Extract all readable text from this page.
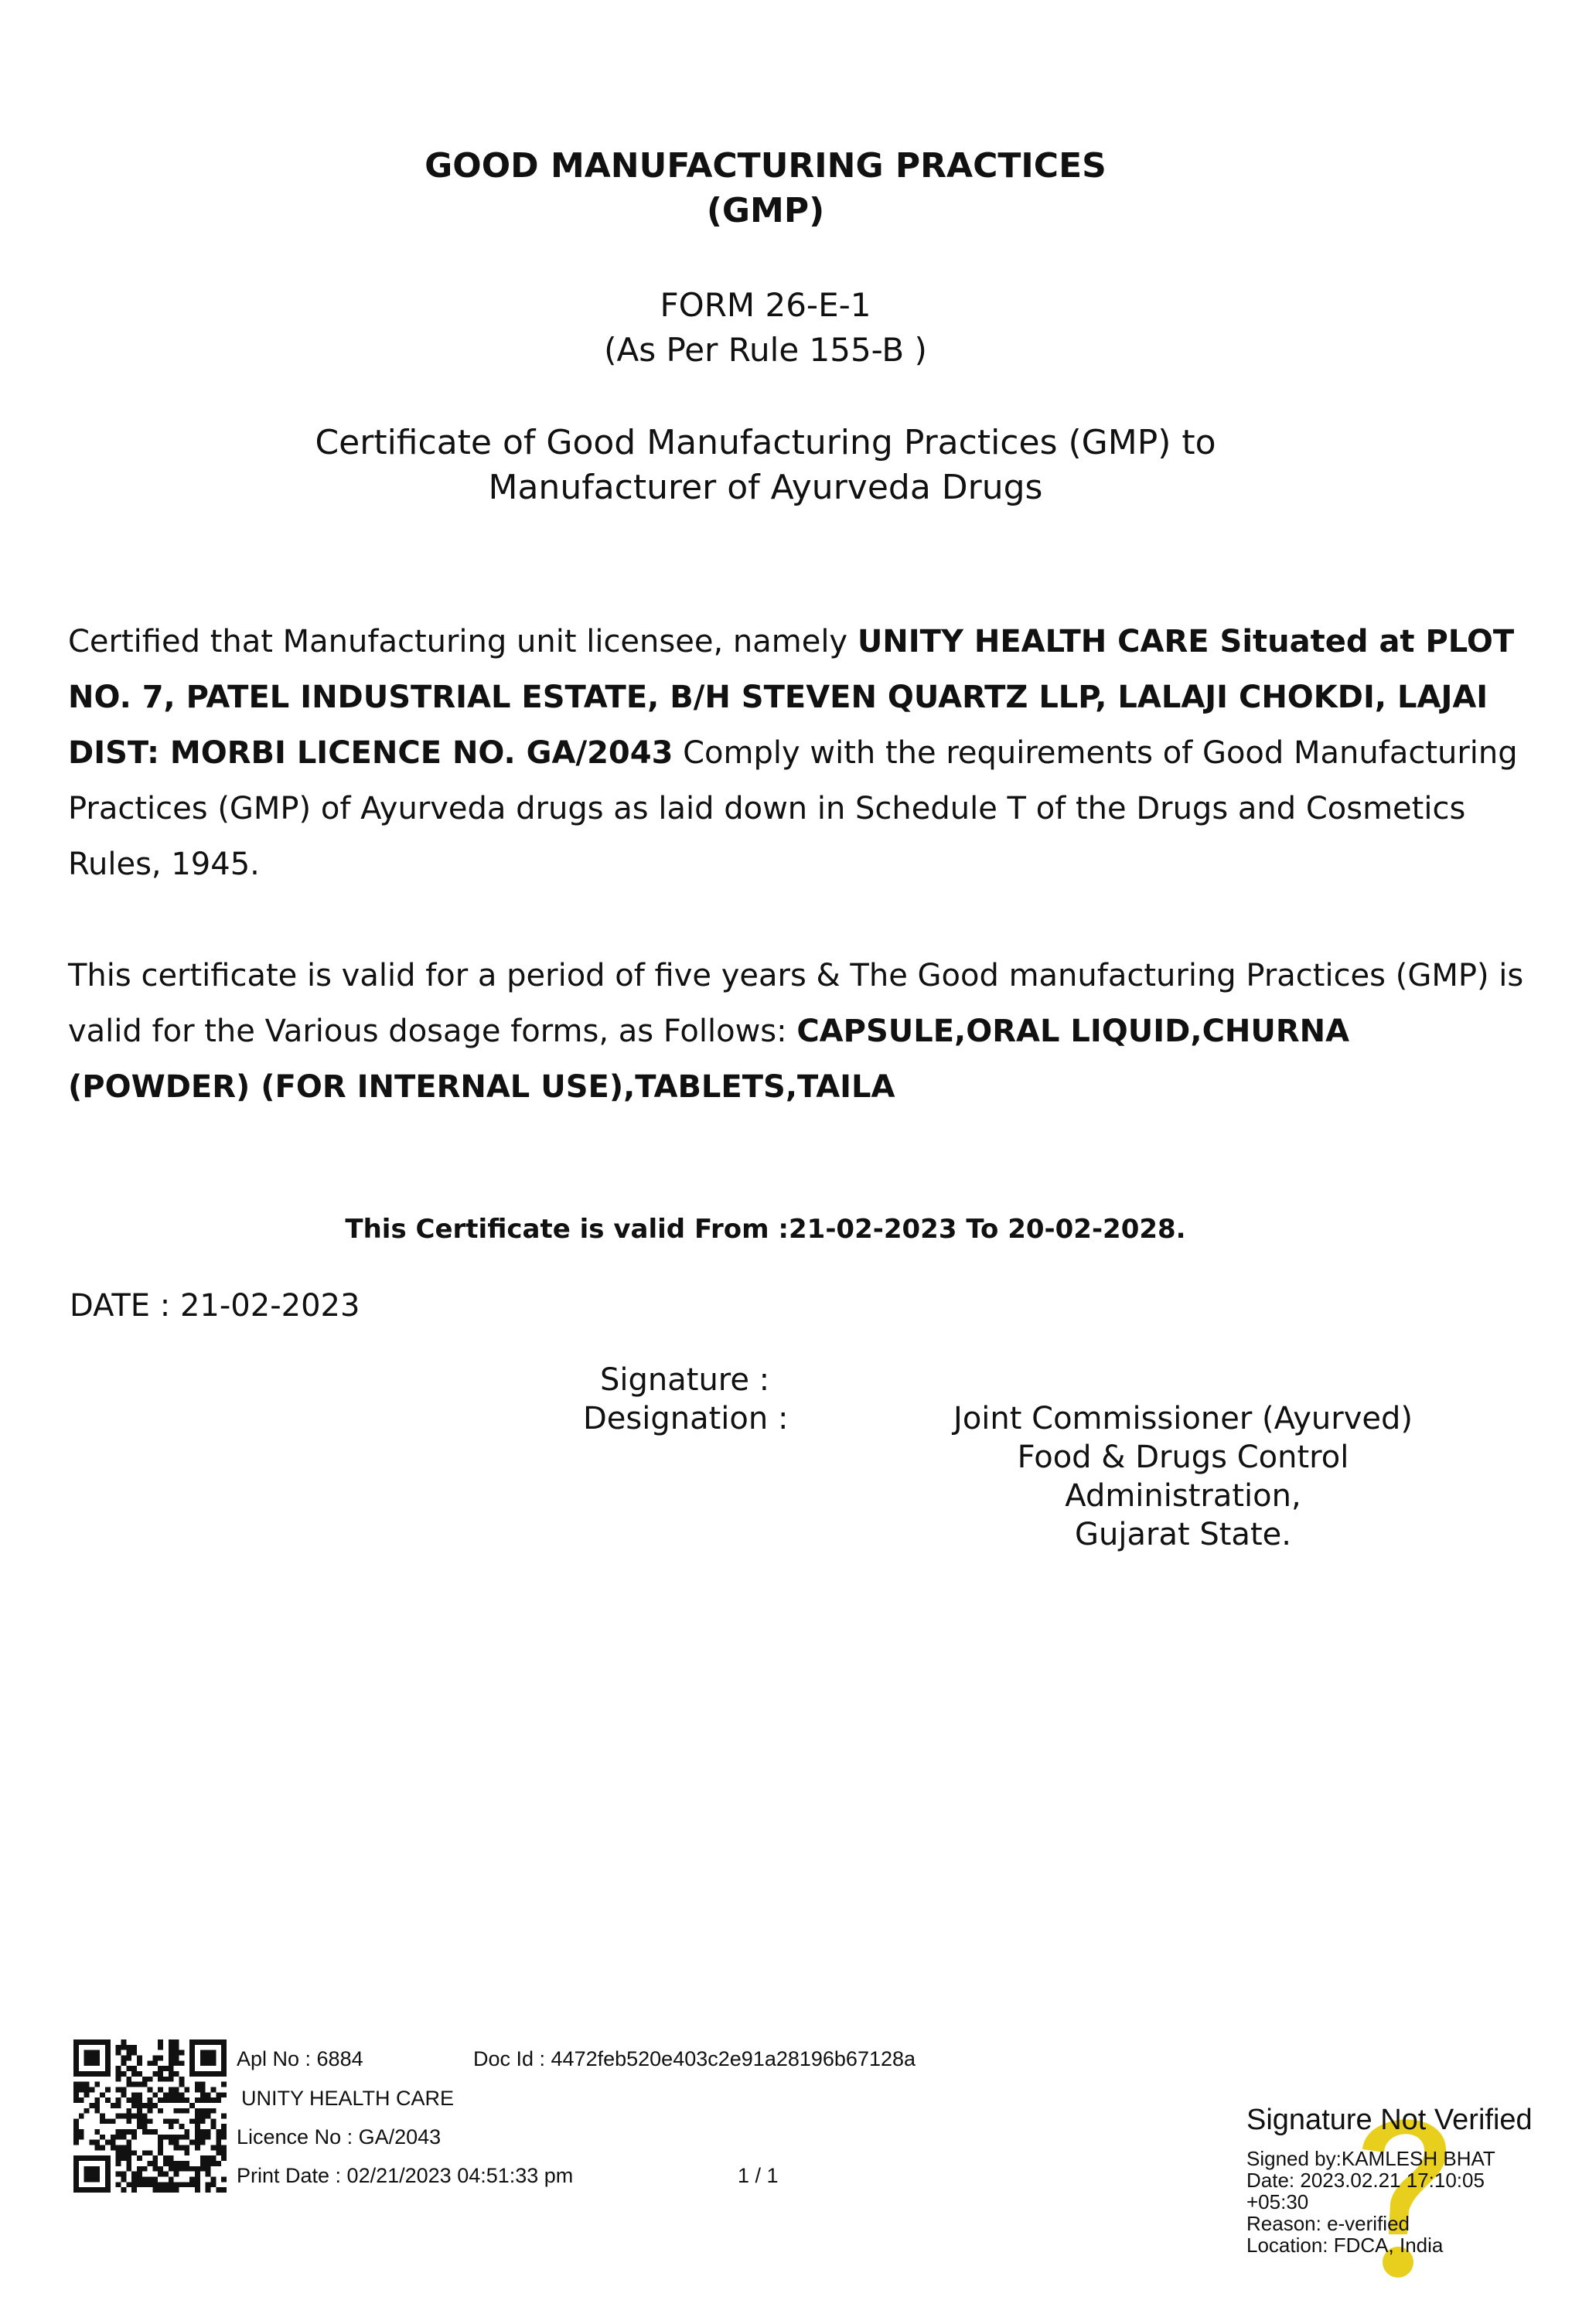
GOOD MANUFACTURING PRACTICES
(GMP)
FORM 26-E-1
(As Per Rule 155-B )
Certificate of Good Manufacturing Practices (GMP) to
Manufacturer of Ayurveda Drugs
Certified that Manufacturing unit licensee, namely UNITY HEALTH CARE Situated at PLOT NO. 7, PATEL INDUSTRIAL ESTATE, B/H STEVEN QUARTZ LLP, LALAJI CHOKDI, LAJAI DIST: MORBI LICENCE NO. GA/2043 Comply with the requirements of Good Manufacturing Practices (GMP) of Ayurveda drugs as laid down in Schedule T of the Drugs and Cosmetics Rules, 1945.
This certificate is valid for a period of five years & The Good manufacturing Practices (GMP) is valid for the Various dosage forms, as Follows: CAPSULE,ORAL LIQUID,CHURNA (POWDER) (FOR INTERNAL USE),TABLETS,TAILA
This Certificate is valid From :21-02-2023 To 20-02-2028.
DATE : 21-02-2023
Signature :
Designation :	Joint Commissioner (Ayurved)
Food & Drugs Control
Administration,
Gujarat State.
Apl No : 6884	Doc Id : 4472feb520e403c2e91a28196b67128a
UNITY HEALTH CARE
Licence No : GA/2043
Print Date : 02/21/2023 04:51:33 pm	1 / 1
Signature Not Verified
Signed by:KAMLESH BHAT
Date: 2023.02.21 17:10:05
+05:30
Reason: e-verified
Location: FDCA, India
